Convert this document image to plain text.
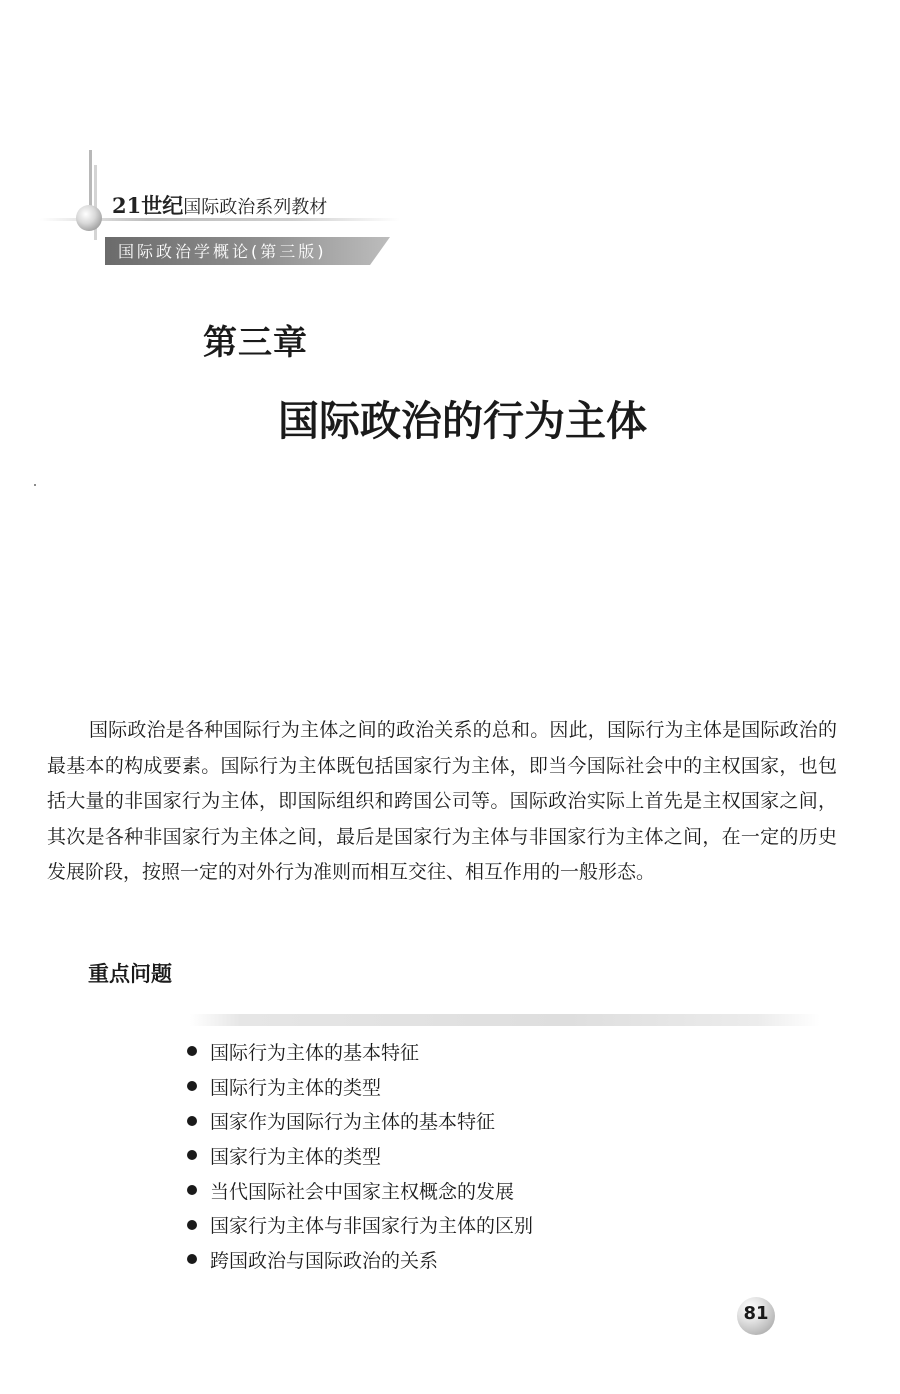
21世纪国际政治系列教材
国际政治学概论(第三版)
第三章
国际政治的行为主体

国际政治是各种国际行为主体之间的政治关系的总和。因此，国际行为主体是国际政治的最基本的构成要素。国际行为主体既包括国家行为主体，即当今国际社会中的主权国家，也包括大量的非国家行为主体，即国际组织和跨国公司等。国际政治实际上首先是主权国家之间，其次是各种非国家行为主体之间，最后是国家行为主体与非国家行为主体之间，在一定的历史发展阶段，按照一定的对外行为准则而相互交往、相互作用的一般形态。

重点问题
国际行为主体的基本特征
国际行为主体的类型
国家作为国际行为主体的基本特征
国家行为主体的类型
当代国际社会中国家主权概念的发展
国家行为主体与非国家行为主体的区别
跨国政治与国际政治的关系
81
